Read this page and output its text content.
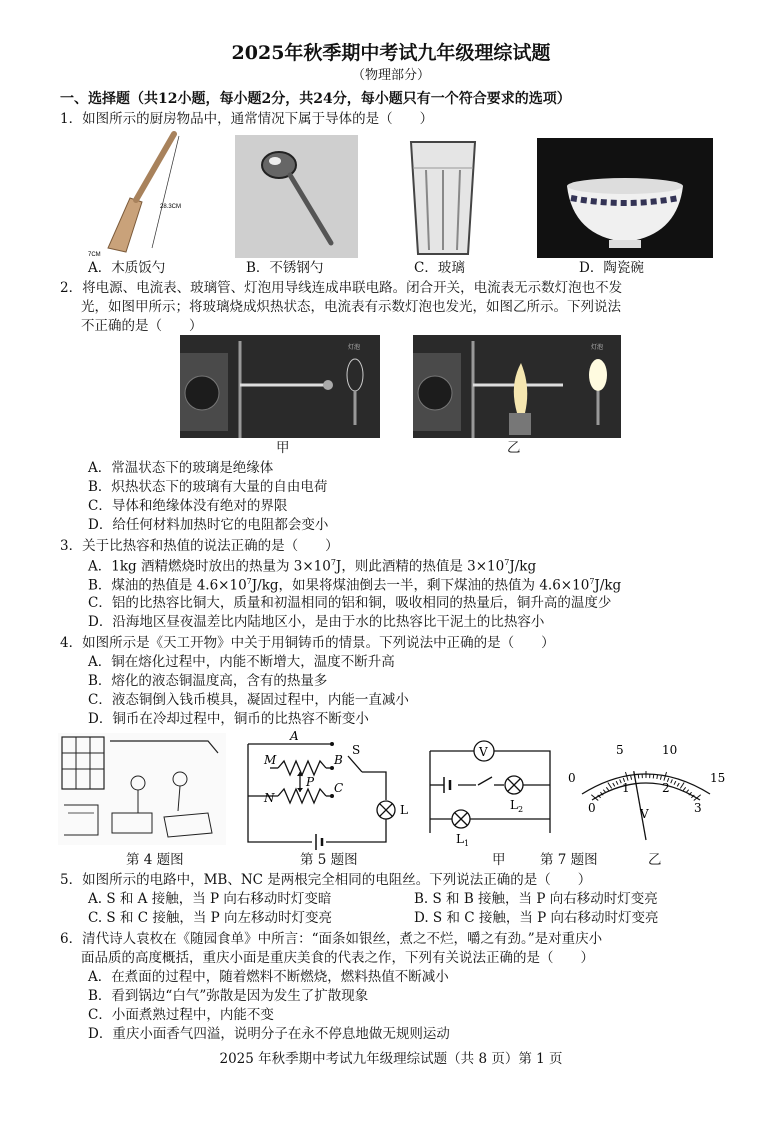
2025年秋季期中考试九年级理综试题
（物理部分）
一、选择题（共12小题，每小题2分，共24分，每小题只有一个符合要求的选项）
1．如图所示的厨房物品中，通常情况下属于导体的是（　　）
28.3CM
7CM
A．木质饭勺	B．不锈钢勺	C．玻璃	D．陶瓷碗
2．将电源、电流表、玻璃管、灯泡用导线连成串联电路。闭合开关，电流表无示数灯泡也不发
光，如图甲所示；将玻璃烧成炽热状态，电流表有示数灯泡也发光，如图乙所示。下列说法
不正确的是（　　）
灯泡	灯泡
甲	乙
A．常温状态下的玻璃是绝缘体
B．炽热状态下的玻璃有大量的自由电荷
C．导体和绝缘体没有绝对的界限
D．给任何材料加热时它的电阻都会变小
3．关于比热容和热值的说法正确的是（　　）
A．1kg 酒精燃烧时放出的热量为 $3\times 10^7J$，则此酒精的热值是 $3\times 10^7J/kg$
B．煤油的热值是 $4.6\times 10^7J/kg$，如果将煤油倒去一半，剩下煤油的热值为 $4.6\times 10^7J/kg$
C．铝的比热容比铜大，质量和初温相同的铝和铜，吸收相同的热量后，铜升高的温度少
D．沿海地区昼夜温差比内陆地区小，是由于水的比热容比干泥土的比热容小
4．如图所示是《天工开物》中关于用铜铸币的情景。下列说法中正确的是（　　）
A．铜在熔化过程中，内能不断增大，温度不断升高
B．熔化的液态铜温度高，含有的热量多
C．液态铜倒入钱币模具，凝固过程中，内能一直减小
D．铜币在冷却过程中，铜币的比热容不断变小
A
M	B
S
N
P C
L
V
$L_2$
$L_1$
0
5	10
15
0
1	2
3
V
第 4 题图	第 5 题图	甲	第 7 题图	乙
5．如图所示的电路中，MB、NC 是两根完全相同的电阻丝。下列说法正确的是（　　）
A. S 和 A 接触，当 P 向右移动时灯变暗	B. S 和 B 接触，当 P 向右移动时灯变亮
C. S 和 C 接触，当 P 向左移动时灯变亮	D. S 和 C 接触，当 P 向右移动时灯变亮
6．清代诗人袁枚在《随园食单》中所言：“面条如银丝，煮之不烂，嚼之有劲。”是对重庆小
面品质的高度概括，重庆小面是重庆美食的代表之作，下列有关说法正确的是（　　）
A．在煮面的过程中，随着燃料不断燃烧，燃料热值不断减小
B．看到锅边“白气”弥散是因为发生了扩散现象
C．小面煮熟过程中，内能不变
D．重庆小面香气四溢，说明分子在永不停息地做无规则运动
2025 年秋季期中考试九年级理综试题（共 8 页）第 1 页
